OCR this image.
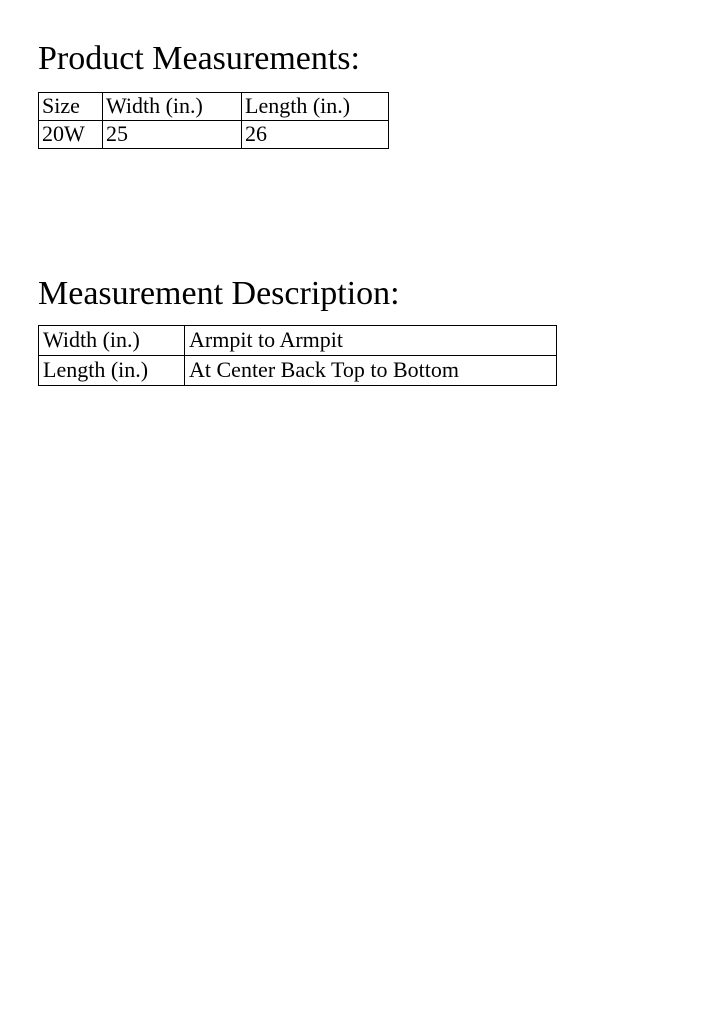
Product Measurements:
Size	Width (in.)	Length (in.)
20W	25	26
Measurement Description:
Width (in.)	Armpit to Armpit
Length (in.)	At Center Back Top to Bottom
